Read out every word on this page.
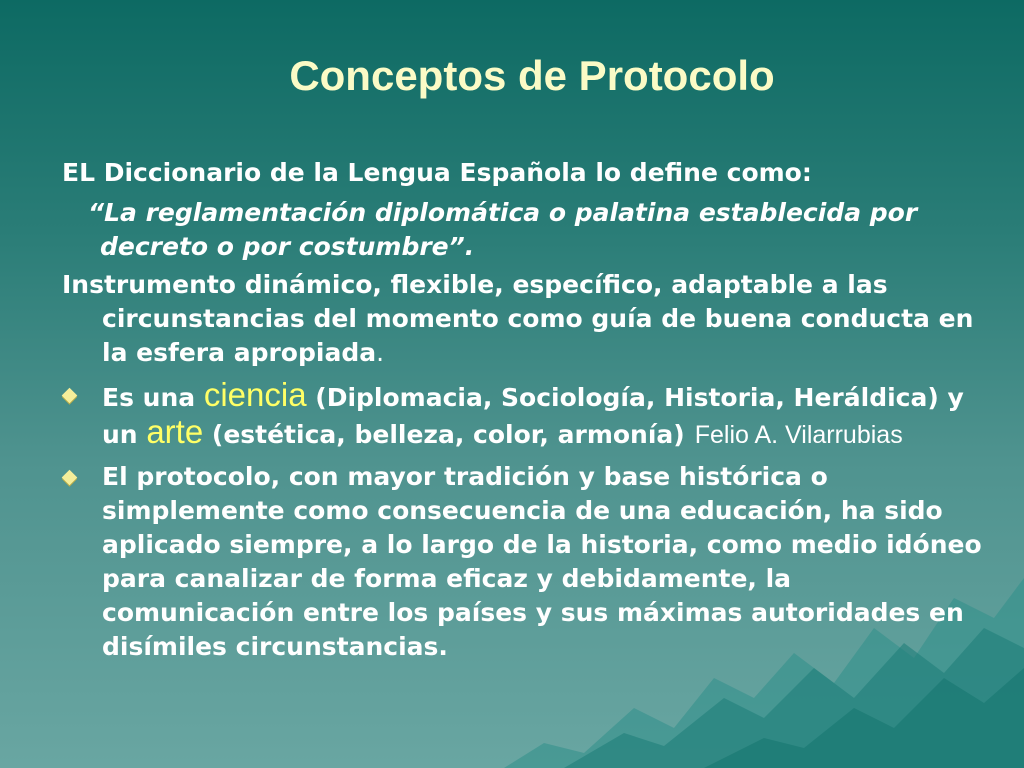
Conceptos de Protocolo

EL Diccionario de la Lengua Española lo define como:

“La reglamentación diplomática o palatina establecida por decreto o por costumbre”.

Instrumento dinámico, flexible, específico, adaptable a las circunstancias del momento como guía de buena conducta en la esfera apropiada.

Es una ciencia (Diplomacia, Sociología, Historia, Heráldica) y un arte (estética, belleza, color, armonía) Felio A. Vilarrubias
El protocolo, con mayor tradición y base histórica o simplemente como consecuencia de una educación, ha sido aplicado siempre, a lo largo de la historia, como medio idóneo para canalizar de forma eficaz y debidamente, la comunicación entre los países y sus máximas autoridades en disímiles circunstancias.
